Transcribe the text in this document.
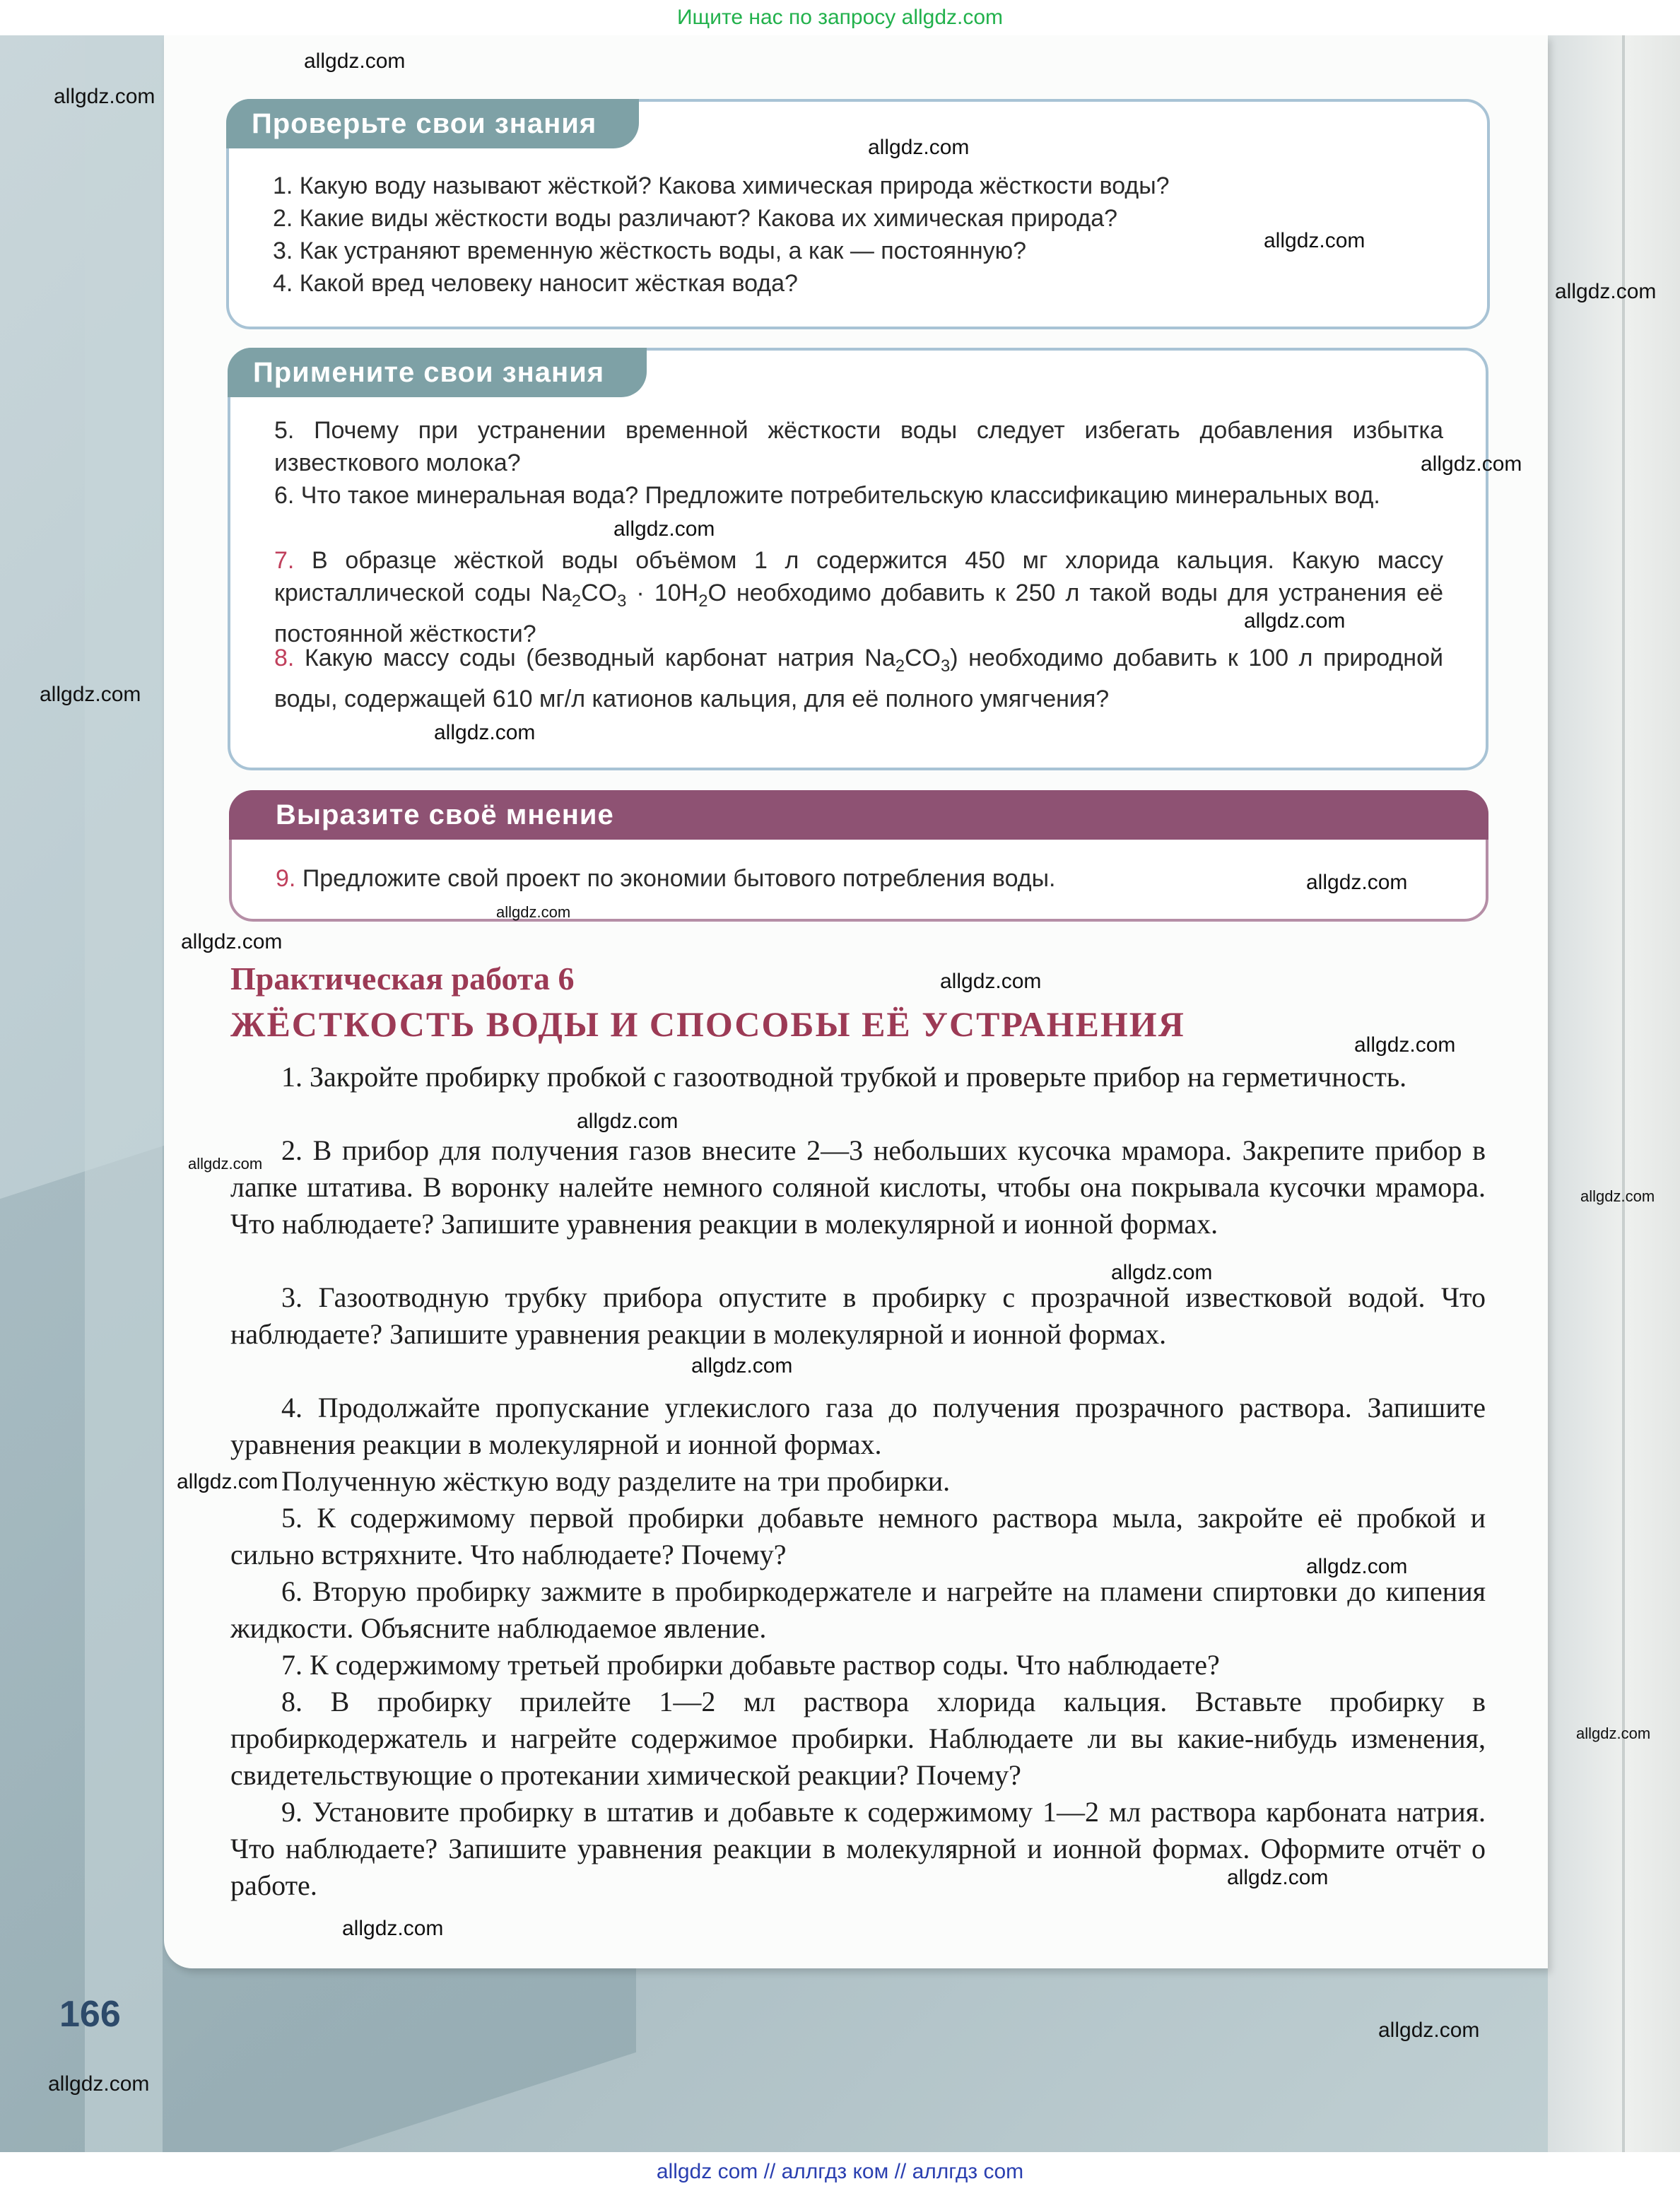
Ищите нас по запросу allgdz.com
Проверьте свои знания
1. Какую воду называют жёсткой? Какова химическая природа жёсткости воды?
2. Какие виды жёсткости воды различают? Какова их химическая природа?
3. Как устраняют временную жёсткость воды, а как — постоянную?
4. Какой вред человеку наносит жёсткая вода?
Примените свои знания
5. Почему при устранении временной жёсткости воды следует избегать добавления избытка известкового молока?
6. Что такое минеральная вода? Предложите потребительскую классификацию минеральных вод.
7. В образце жёсткой воды объёмом 1 л содержится 450 мг хлорида кальция. Какую массу кристаллической соды $Na_2CO_3 \cdot 10H_2O$ необходимо добавить к 250 л такой воды для устранения её постоянной жёсткости?
8. Какую массу соды (безводный карбонат натрия $Na_2CO_3$) необходимо добавить к 100 л природной воды, содержащей 610 мг/л катионов кальция, для её полного умягчения?
Выразите своё мнение
9. Предложите свой проект по экономии бытового потребления воды.
Практическая работа 6
ЖЁСТКОСТЬ ВОДЫ И СПОСОБЫ ЕЁ УСТРАНЕНИЯ
1. Закройте пробирку пробкой с газоотводной трубкой и проверьте прибор на герметичность.
2. В прибор для получения газов внесите 2—3 небольших кусочка мрамора. Закрепите прибор в лапке штатива. В воронку налейте немного соляной кислоты, чтобы она покрывала кусочки мрамора. Что наблюдаете? Запишите уравнения реакции в молекулярной и ионной формах.
3. Газоотводную трубку прибора опустите в пробирку с прозрачной известковой водой. Что наблюдаете? Запишите уравнения реакции в молекулярной и ионной формах.
4. Продолжайте пропускание углекислого газа до получения прозрачного раствора. Запишите уравнения реакции в молекулярной и ионной формах.
Полученную жёсткую воду разделите на три пробирки.
5. К содержимому первой пробирки добавьте немного раствора мыла, закройте её пробкой и сильно встряхните. Что наблюдаете? Почему?
6. Вторую пробирку зажмите в пробиркодержателе и нагрейте на пламени спиртовки до кипения жидкости. Объясните наблюдаемое явление.
7. К содержимому третьей пробирки добавьте раствор соды. Что наблюдаете?
8. В пробирку прилейте 1—2 мл раствора хлорида кальция. Вставьте пробирку в пробиркодержатель и нагрейте содержимое пробирки. Наблюдаете ли вы какие-нибудь изменения, свидетельствующие о протекании химической реакции? Почему?
9. Установите пробирку в штатив и добавьте к содержимому 1—2 мл раствора карбоната натрия. Что наблюдаете? Запишите уравнения реакции в молекулярной и ионной формах. Оформите отчёт о работе.
166
allgdz.com
allgdz.com
allgdz.com
allgdz.com
allgdz.com
allgdz.com
allgdz.com
allgdz.com
allgdz.com
allgdz.com
allgdz.com
allgdz.com
allgdz.com
allgdz.com
allgdz.com
allgdz.com
allgdz.com
allgdz.com
allgdz.com
allgdz.com
allgdz.com
allgdz.com
allgdz.com
allgdz.com
allgdz.com
allgdz.com
allgdz.com
allgdz com // аллгдз ком // аллгдз com
